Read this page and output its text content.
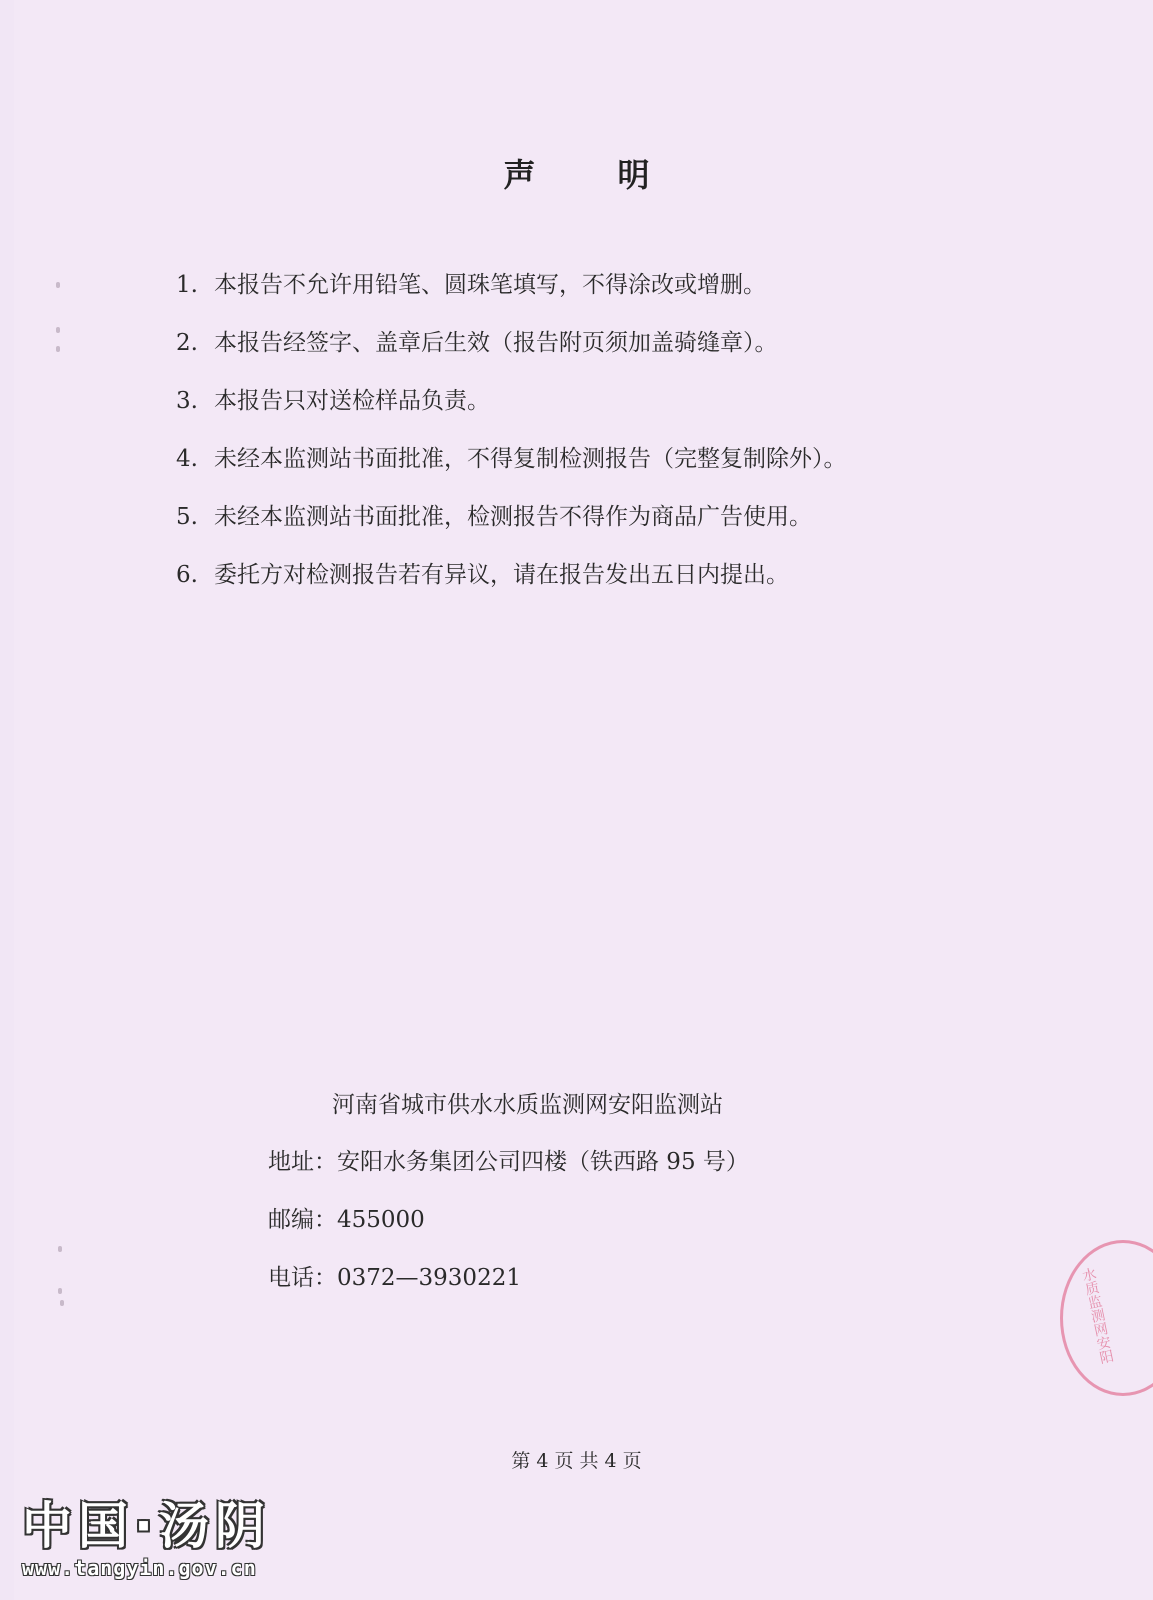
声明
1. 本报告不允许用铅笔、圆珠笔填写，不得涂改或增删。
2. 本报告经签字、盖章后生效（报告附页须加盖骑缝章）。
3. 本报告只对送检样品负责。
4. 未经本监测站书面批准，不得复制检测报告（完整复制除外）。
5. 未经本监测站书面批准，检测报告不得作为商品广告使用。
6. 委托方对检测报告若有异议，请在报告发出五日内提出。
河南省城市供水水质监测网安阳监测站
地址：安阳水务集团公司四楼（铁西路 95 号）
邮编：455000
电话：0372—3930221
第 4 页 共 4 页
水质监测网安阳
中国·汤阴
www.tangyin.gov.cn
